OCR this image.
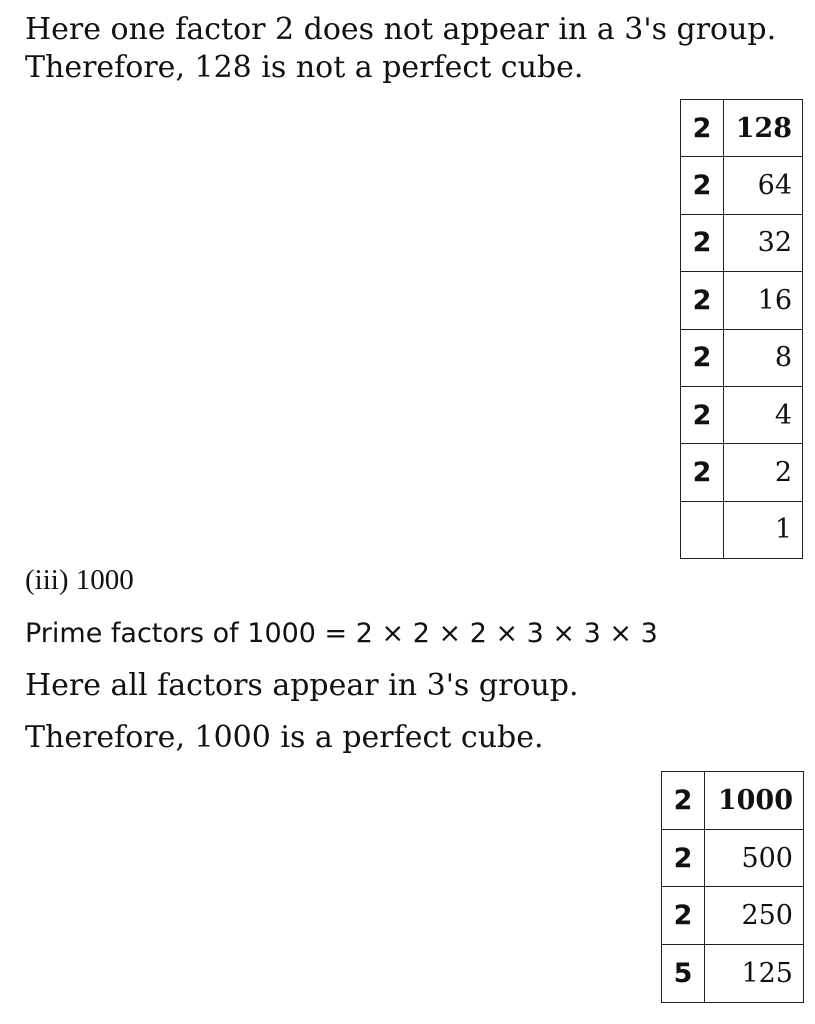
Here one factor 2 does not appear in a 3's group.

Therefore, 128 is not a perfect cube.

2	128
2	64
2	32
2	16
2	8
2	4
2	2
	1

(iii) 1000

Prime factors of 1000 = 2 × 2 × 2 × 3 × 3 × 3

Here all factors appear in 3's group.

Therefore, 1000 is a perfect cube.

2	1000
2	500
2	250
5	125
